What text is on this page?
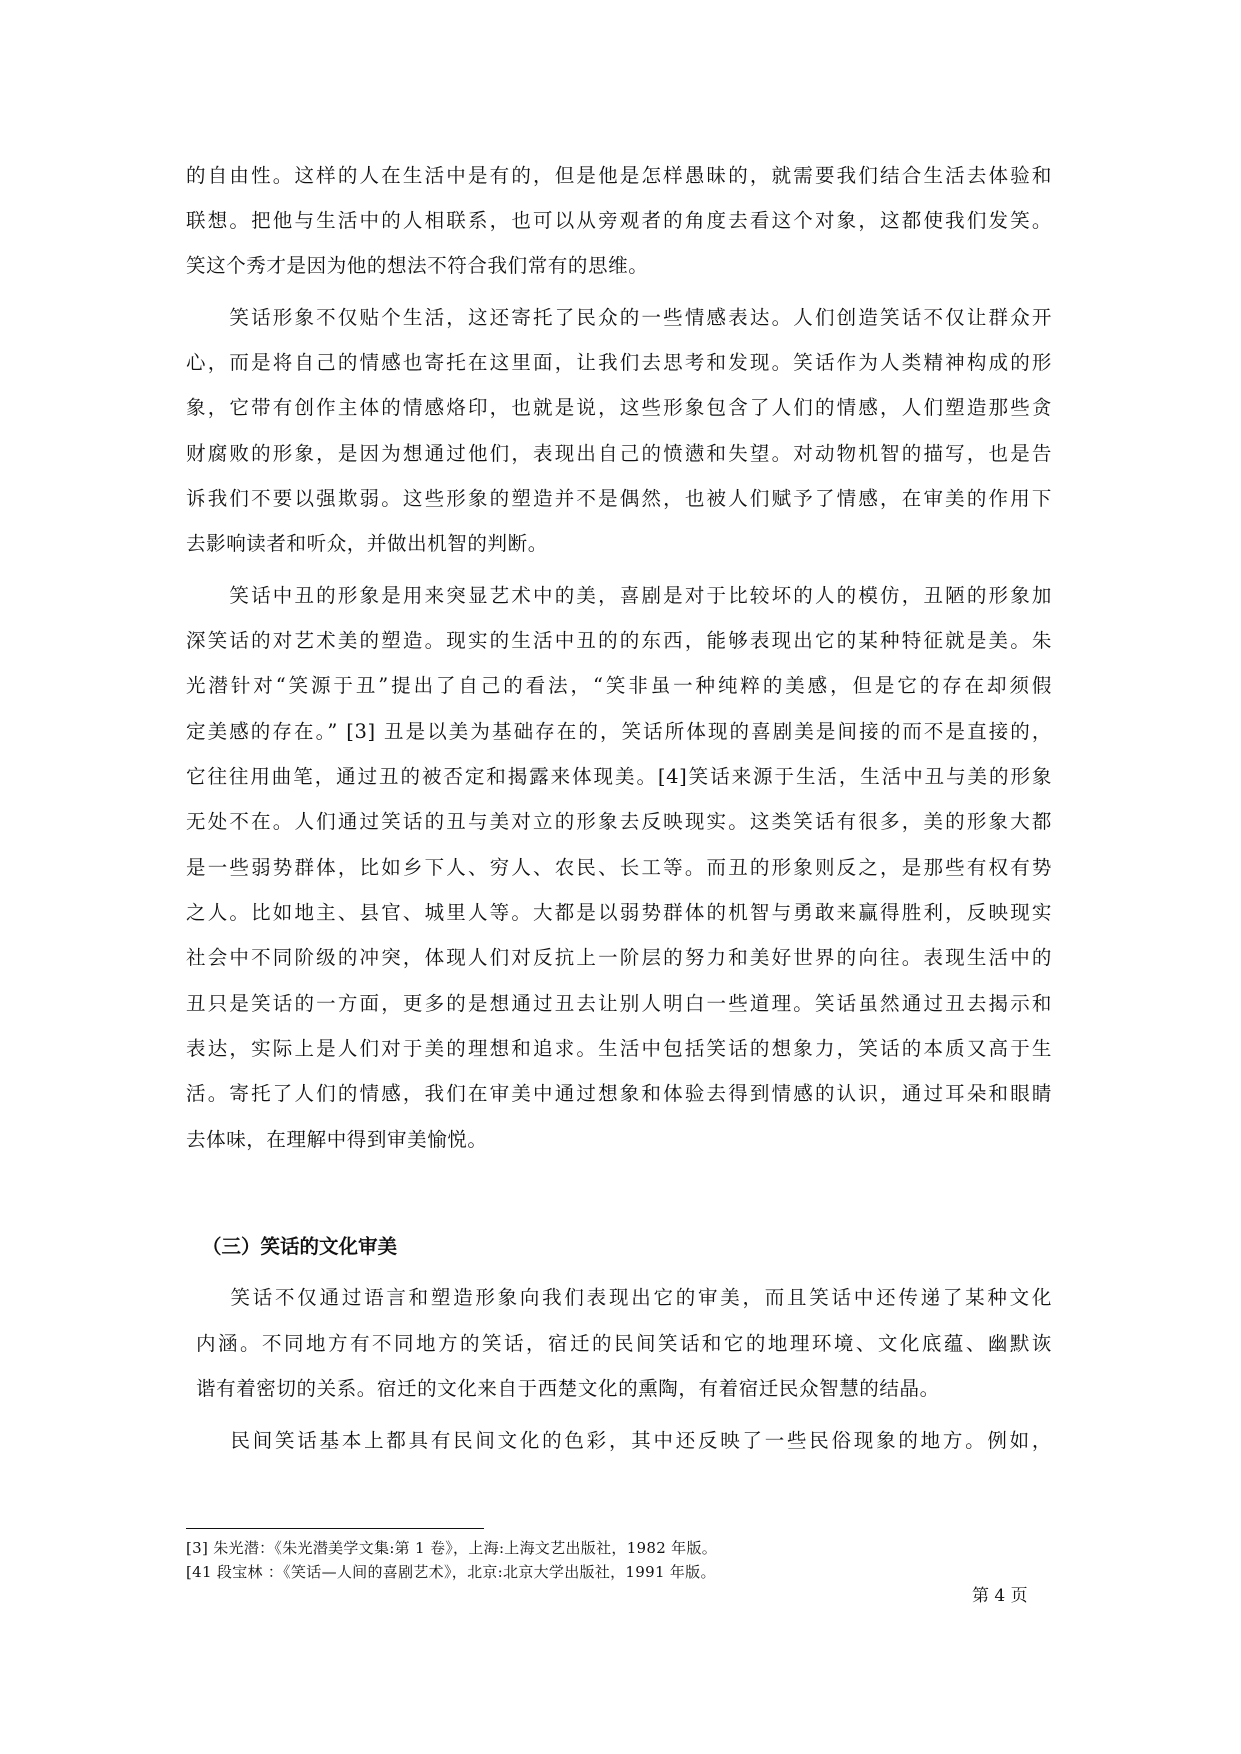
的自由性。这样的人在生活中是有的，但是他是怎样愚昧的，就需要我们结合生活去体验和
联想。把他与生活中的人相联系，也可以从旁观者的角度去看这个对象，这都使我们发笑。
笑这个秀才是因为他的想法不符合我们常有的思维。
　　笑话形象不仅贴个生活，这还寄托了民众的一些情感表达。人们创造笑话不仅让群众开
心，而是将自己的情感也寄托在这里面，让我们去思考和发现。笑话作为人类精神构成的形
象，它带有创作主体的情感烙印，也就是说，这些形象包含了人们的情感，人们塑造那些贪
财腐败的形象，是因为想通过他们，表现出自己的愤懑和失望。对动物机智的描写，也是告
诉我们不要以强欺弱。这些形象的塑造并不是偶然，也被人们赋予了情感，在审美的作用下
去影响读者和听众，并做出机智的判断。
　　笑话中丑的形象是用来突显艺术中的美，喜剧是对于比较坏的人的模仿，丑陋的形象加
深笑话的对艺术美的塑造。现实的生活中丑的的东西，能够表现出它的某种特征就是美。朱
光潜针对“笑源于丑”提出了自己的看法，“笑非虽一种纯粹的美感，但是它的存在却须假
定美感的存在。” [3] 丑是以美为基础存在的，笑话所体现的喜剧美是间接的而不是直接的，
它往往用曲笔，通过丑的被否定和揭露来体现美。[4]笑话来源于生活，生活中丑与美的形象
无处不在。人们通过笑话的丑与美对立的形象去反映现实。这类笑话有很多，美的形象大都
是一些弱势群体，比如乡下人、穷人、农民、长工等。而丑的形象则反之，是那些有权有势
之人。比如地主、县官、城里人等。大都是以弱势群体的机智与勇敢来赢得胜利，反映现实
社会中不同阶级的冲突，体现人们对反抗上一阶层的努力和美好世界的向往。表现生活中的
丑只是笑话的一方面，更多的是想通过丑去让别人明白一些道理。笑话虽然通过丑去揭示和
表达，实际上是人们对于美的理想和追求。生活中包括笑话的想象力，笑话的本质又高于生
活。寄托了人们的情感，我们在审美中通过想象和体验去得到情感的认识，通过耳朵和眼睛
去体味，在理解中得到审美愉悦。
（三）笑话的文化审美
　　笑话不仅通过语言和塑造形象向我们表现出它的审美，而且笑话中还传递了某种文化
内涵。不同地方有不同地方的笑话，宿迁的民间笑话和它的地理环境、文化底蕴、幽默诙
谐有着密切的关系。宿迁的文化来自于西楚文化的熏陶，有着宿迁民众智慧的结晶。
　　民间笑话基本上都具有民间文化的色彩，其中还反映了一些民俗现象的地方。例如，
[3] 朱光潜：《朱光潜美学文集:第 1 卷》，上海:上海文艺出版社，1982 年版。
[41 段宝林 ：《笑话—人间的喜剧艺术》，北京:北京大学出版社，1991 年版。
第 4 页
